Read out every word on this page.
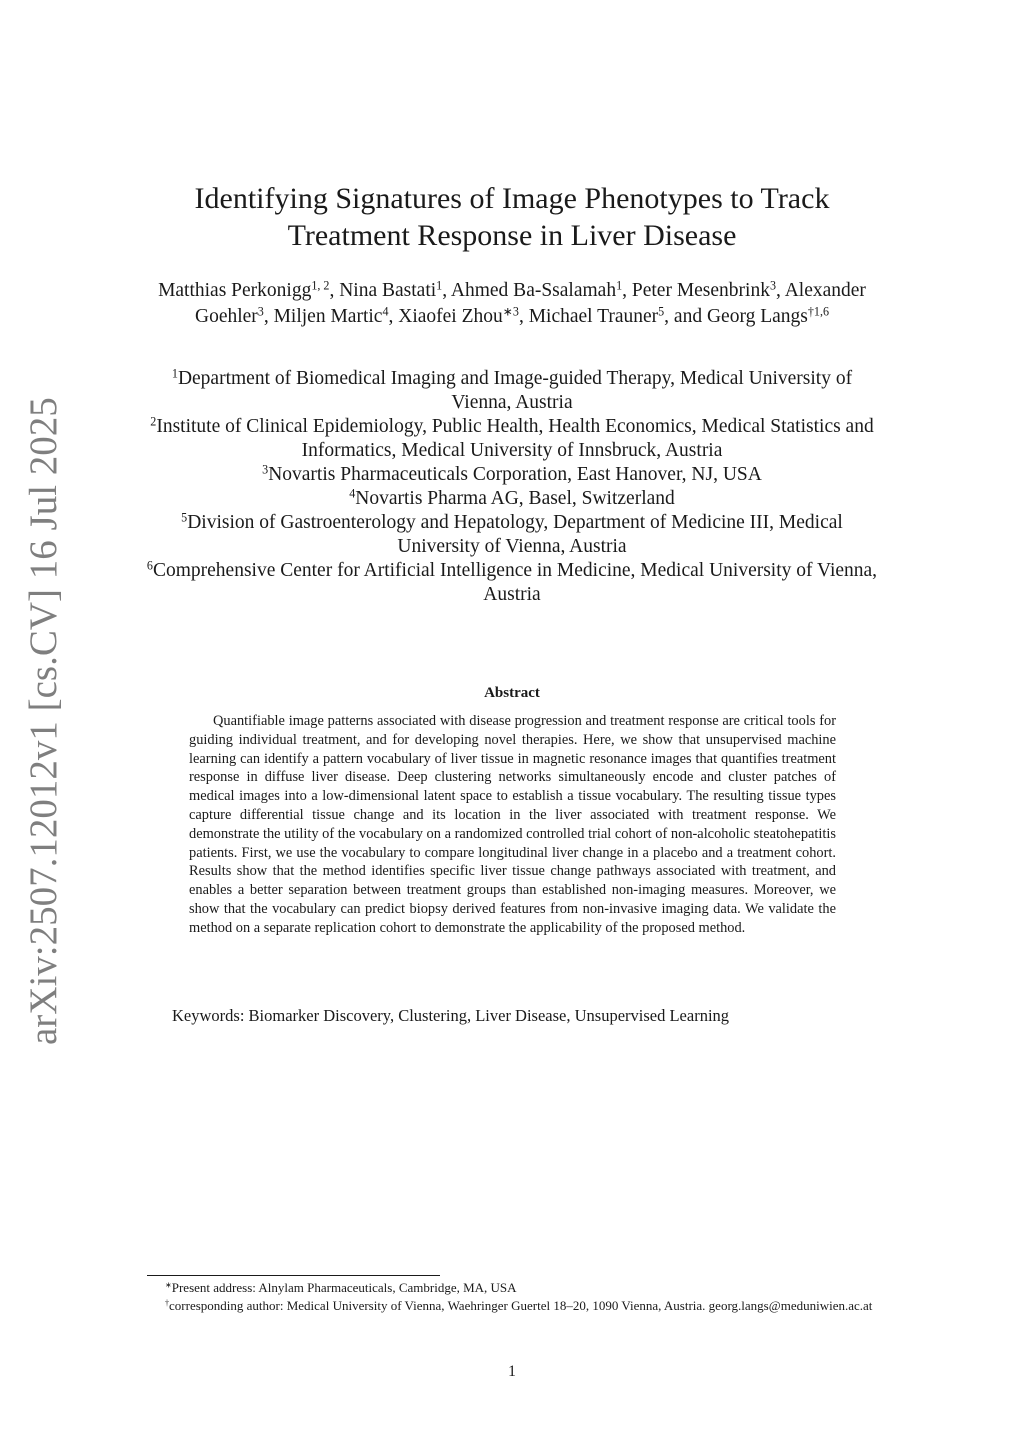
arXiv:2507.12012v1 [cs.CV] 16 Jul 2025
Identifying Signatures of Image Phenotypes to Track
Treatment Response in Liver Disease
Matthias Perkonigg$^{1, 2}$, Nina Bastati$^1$, Ahmed Ba-Ssalamah$^1$, Peter Mesenbrink$^3$, Alexander Goehler$^3$, Miljen Martic$^4$, Xiaofei Zhou$^{∗3}$, Michael Trauner$^5$, and Georg Langs$^{\dagger 1,6}$
$^1$Department of Biomedical Imaging and Image-guided Therapy, Medical University of Vienna, Austria
$^2$Institute of Clinical Epidemiology, Public Health, Health Economics, Medical Statistics and Informatics, Medical University of Innsbruck, Austria
$^3$Novartis Pharmaceuticals Corporation, East Hanover, NJ, USA
$^4$Novartis Pharma AG, Basel, Switzerland
$^5$Division of Gastroenterology and Hepatology, Department of Medicine III, Medical University of Vienna, Austria
$^6$Comprehensive Center for Artificial Intelligence in Medicine, Medical University of Vienna, Austria
Abstract
Quantifiable image patterns associated with disease progression and treatment response are critical tools for guiding individual treatment, and for developing novel therapies. Here, we show that unsupervised machine learning can identify a pattern vocabulary of liver tissue in magnetic resonance images that quantifies treatment response in diffuse liver disease. Deep clustering networks simultaneously encode and cluster patches of medical images into a low-dimensional latent space to establish a tissue vocabulary. The resulting tissue types capture differential tissue change and its location in the liver associated with treatment response. We demonstrate the utility of the vocabulary on a randomized controlled trial cohort of non-alcoholic steatohepatitis patients. First, we use the vocabulary to compare longitudinal liver change in a placebo and a treatment cohort. Results show that the method identifies specific liver tissue change pathways associated with treatment, and enables a better separation between treatment groups than established non-imaging measures. Moreover, we show that the vocabulary can predict biopsy derived features from non-invasive imaging data. We validate the method on a separate replication cohort to demonstrate the applicability of the proposed method.
Keywords: Biomarker Discovery, Clustering, Liver Disease, Unsupervised Learning
∗Present address: Alnylam Pharmaceuticals, Cambridge, MA, USA
†corresponding author: Medical University of Vienna, Waehringer Guertel 18–20, 1090 Vienna, Austria. georg.langs@meduniwien.ac.at
1
